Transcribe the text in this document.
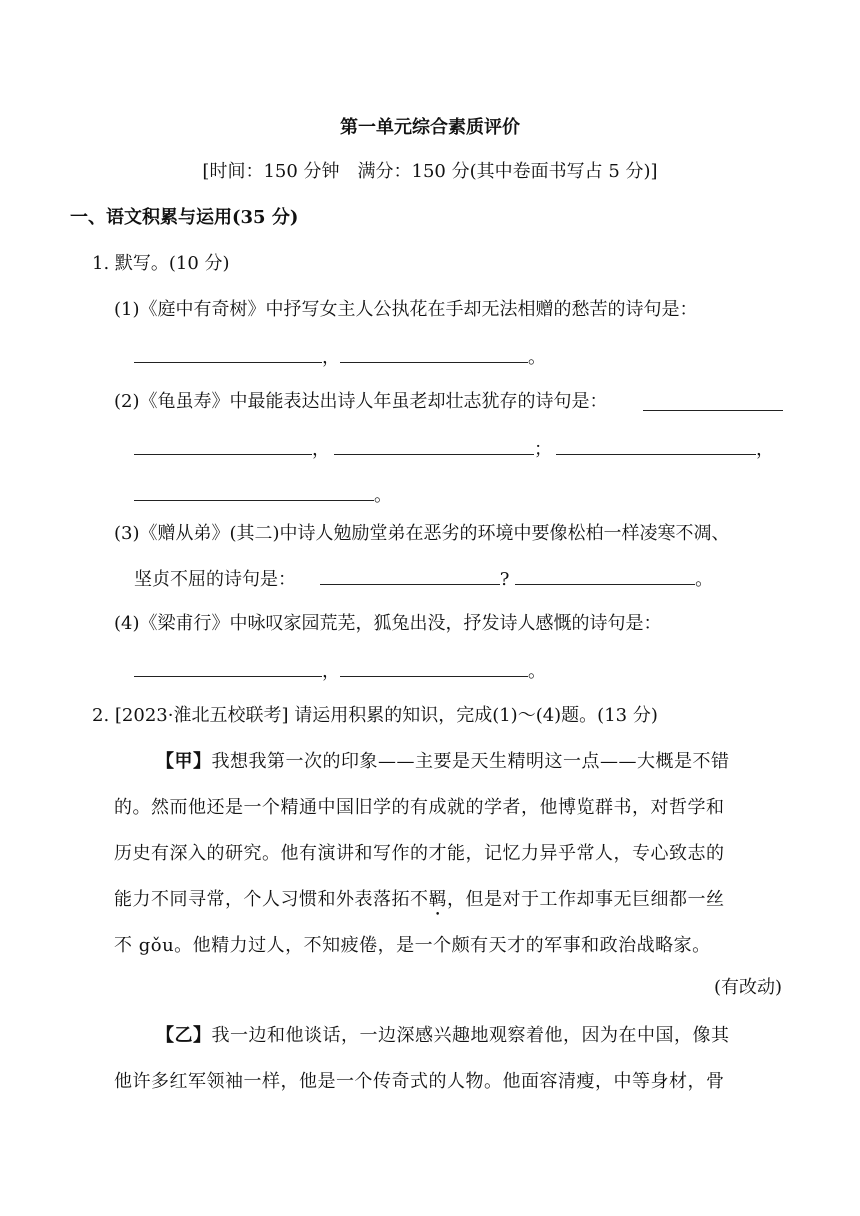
第一单元综合素质评价
[时间：150 分钟　满分：150 分(其中卷面书写占 5 分)]
一、语文积累与运用(35 分)
1. 默写。(10 分)
(1)《庭中有奇树》中抒写女主人公执花在手却无法相赠的愁苦的诗句是：
，	。
(2)《龟虽寿》中最能表达出诗人年虽老却壮志犹存的诗句是：
，	；	，
。
(3)《赠从弟》(其二)中诗人勉励堂弟在恶劣的环境中要像松柏一样凌寒不凋、
坚贞不屈的诗句是：	?	。
(4)《梁甫行》中咏叹家园荒芜，狐兔出没，抒发诗人感慨的诗句是：
，	。
2. [2023·淮北五校联考] 请运用积累的知识，完成(1)～(4)题。(13 分)
【甲】我想我第一次的印象——主要是天生精明这一点——大概是不错
的。然而他还是一个精通中国旧学的有成就的学者，他博览群书，对哲学和
历史有深入的研究。他有演讲和写作的才能，记忆力异乎常人，专心致志的
能力不同寻常，个人习惯和外表落拓不羁，但是对于工作却事无巨细都一丝
不 gǒu。他精力过人，不知疲倦，是一个颇有天才的军事和政治战略家。
(有改动)
【乙】我一边和他谈话，一边深感兴趣地观察着他，因为在中国，像其
他许多红军领袖一样，他是一个传奇式的人物。他面容清瘦，中等身材，骨
